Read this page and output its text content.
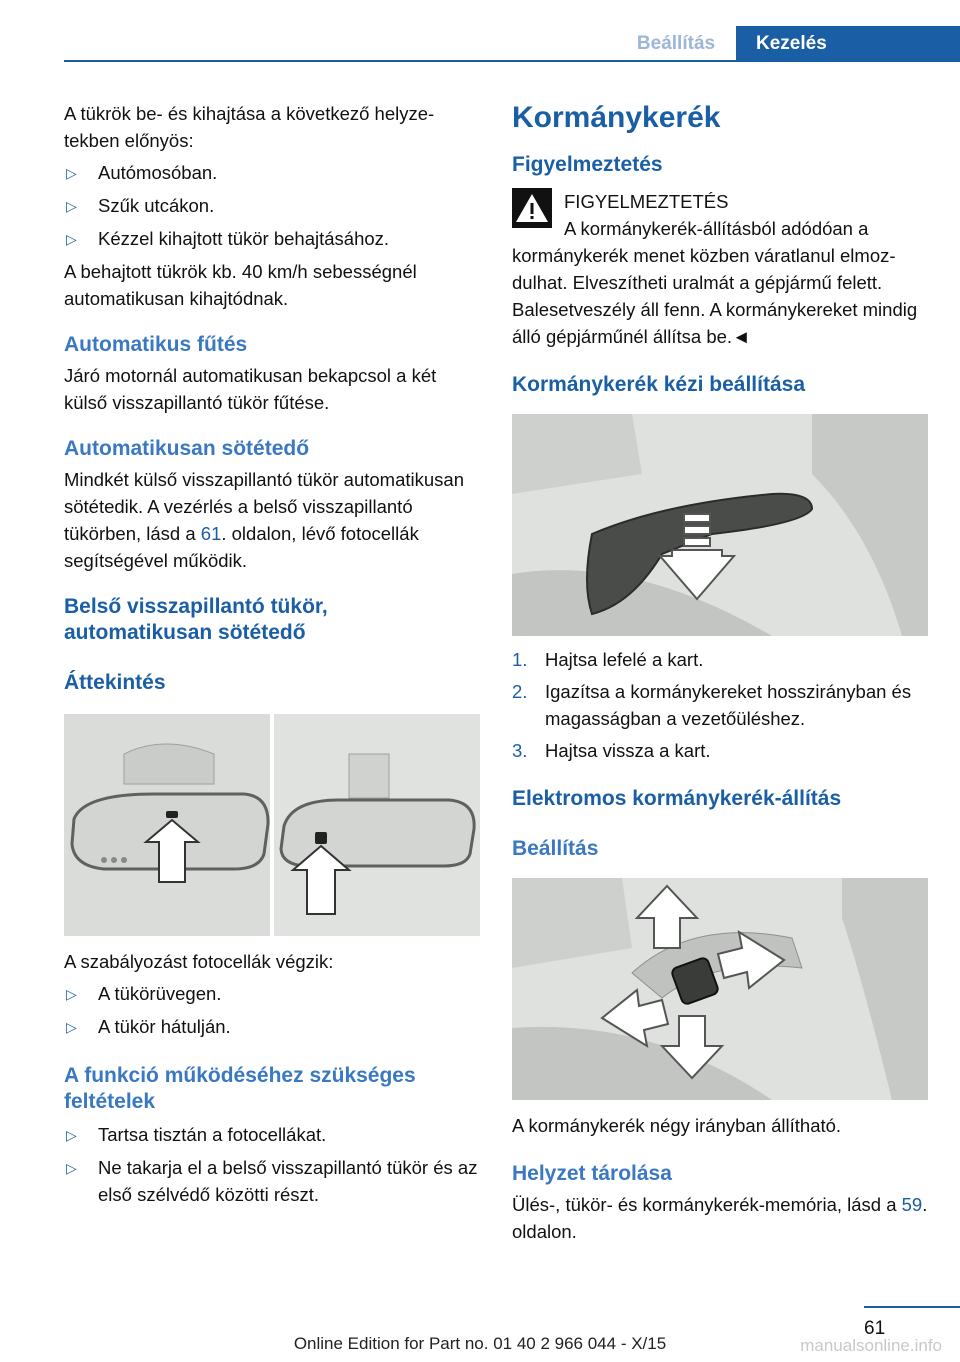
Beállítás	Kezelés

A tükrök be- és kihajtása a következő helyzetekben előnyös:

▷	Autómosóban.
▷	Szűk utcákon.
▷	Kézzel kihajtott tükör behajtásához.

A behajtott tükrök kb. 40 km/h sebességnél automatikusan kihajtódnak.

Automatikus fűtés

Járó motornál automatikusan bekapcsol a két külső visszapillantó tükör fűtése.

Automatikusan sötétedő

Mindkét külső visszapillantó tükör automatikusan sötétedik. A vezérlés a belső visszapillantó tükörben, lásd a 61. oldalon, lévő fotocellák segítségével működik.

Belső visszapillantó tükör, automatikusan sötétedő
Áttekintés

A szabályozást fotocellák végzik:

▷	A tükörüvegen.
▷	A tükör hátulján.
A funkció működéséhez szükséges feltételek
▷	Tartsa tisztán a fotocellákat.
▷	Ne takarja el a belső visszapillantó tükör és az első szélvédő közötti részt.
Kormánykerék
Figyelmeztetés
FIGYELMEZTETÉS
A kormánykerék-állításból adódóan a

kormánykerék menet közben váratlanul elmozdulhat. Elveszítheti uralmát a gépjármű felett. Balesetveszély áll fenn. A kormánykereket mindig álló gépjárműnél állítsa be.◄

Kormánykerék kézi beállítása
1. Hajtsa lefelé a kart.
2. Igazítsa a kormánykereket hosszirányban és magasságban a vezetőüléshez.
3. Hajtsa vissza a kart.
Elektromos kormánykerék-állítás
Beállítás

A kormánykerék négy irányban állítható.

Helyzet tárolása

Ülés-, tükör- és kormánykerék-memória, lásd a 59. oldalon.

61
Online Edition for Part no. 01 40 2 966 044 - X/15	manualsonline.info
